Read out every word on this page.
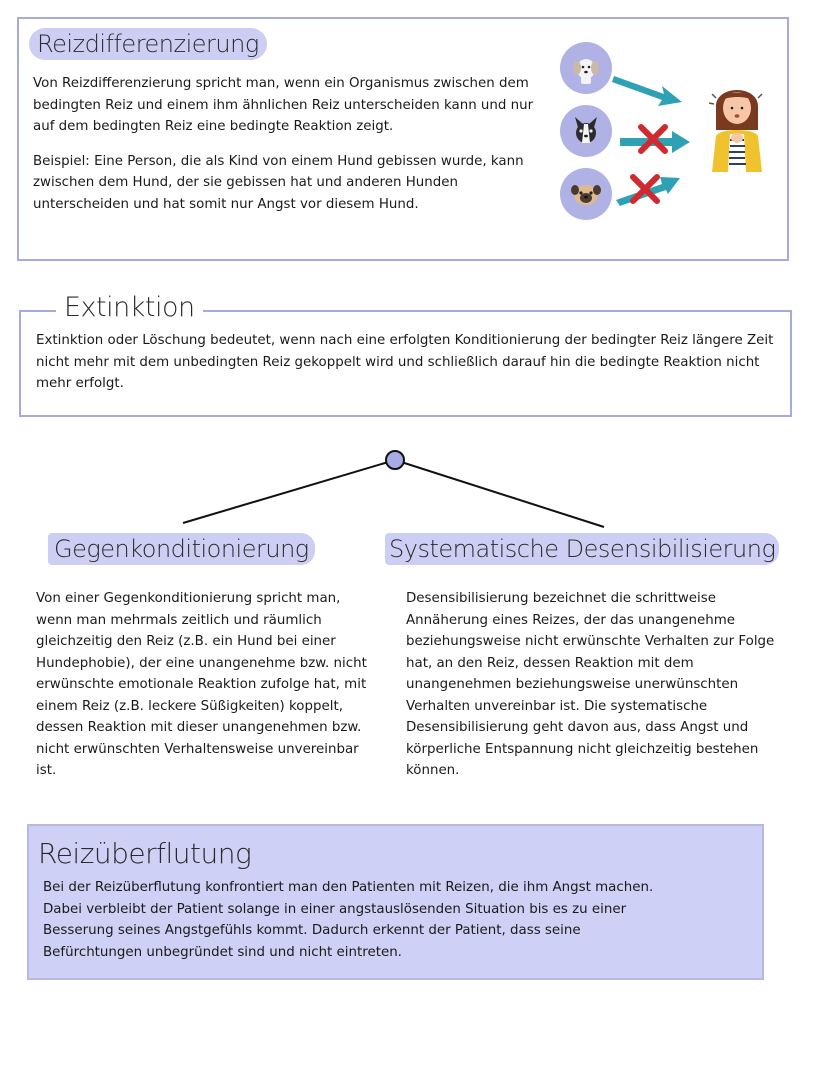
Reizdifferenzierung

Von Reizdifferenzierung spricht man, wenn ein Organismus zwischen dem bedingten Reiz und einem ihm ähnlichen Reiz unterscheiden kann und nur auf dem bedingten Reiz eine bedingte Reaktion zeigt.

Beispiel: Eine Person, die als Kind von einem Hund gebissen wurde, kann zwischen dem Hund, der sie gebissen hat und anderen Hunden unterscheiden und hat somit nur Angst vor diesem Hund.

Extinktion
Extinktion oder Löschung bedeutet, wenn nach eine erfolgten Konditionierung der bedingter Reiz längere Zeit nicht mehr mit dem unbedingten Reiz gekoppelt wird und schließlich darauf hin die bedingte Reaktion nicht mehr erfolgt.
Gegenkonditionierung
Von einer Gegenkonditionierung spricht man, wenn man mehrmals zeitlich und räumlich gleichzeitig den Reiz (z.B. ein Hund bei einer Hundephobie), der eine unangenehme bzw. nicht erwünschte emotionale Reaktion zufolge hat, mit einem Reiz (z.B. leckere Süßigkeiten) koppelt, dessen Reaktion mit dieser unangenehmen bzw. nicht erwünschten Verhaltensweise unvereinbar ist.
Systematische Desensibilisierung
Desensibilisierung bezeichnet die schrittweise Annäherung eines Reizes, der das unangenehme beziehungsweise nicht erwünschte Verhalten zur Folge hat, an den Reiz, dessen Reaktion mit dem unangenehmen beziehungsweise unerwünschten Verhalten unvereinbar ist. Die systematische Desensibilisierung geht davon aus, dass Angst und körperliche Entspannung nicht gleichzeitig bestehen können.
Reizüberflutung
Bei der Reizüberflutung konfrontiert man den Patienten mit Reizen, die ihm Angst machen. Dabei verbleibt der Patient solange in einer angstauslösenden Situation bis es zu einer Besserung seines Angstgefühls kommt. Dadurch erkennt der Patient, dass seine Befürchtungen unbegründet sind und nicht eintreten.
